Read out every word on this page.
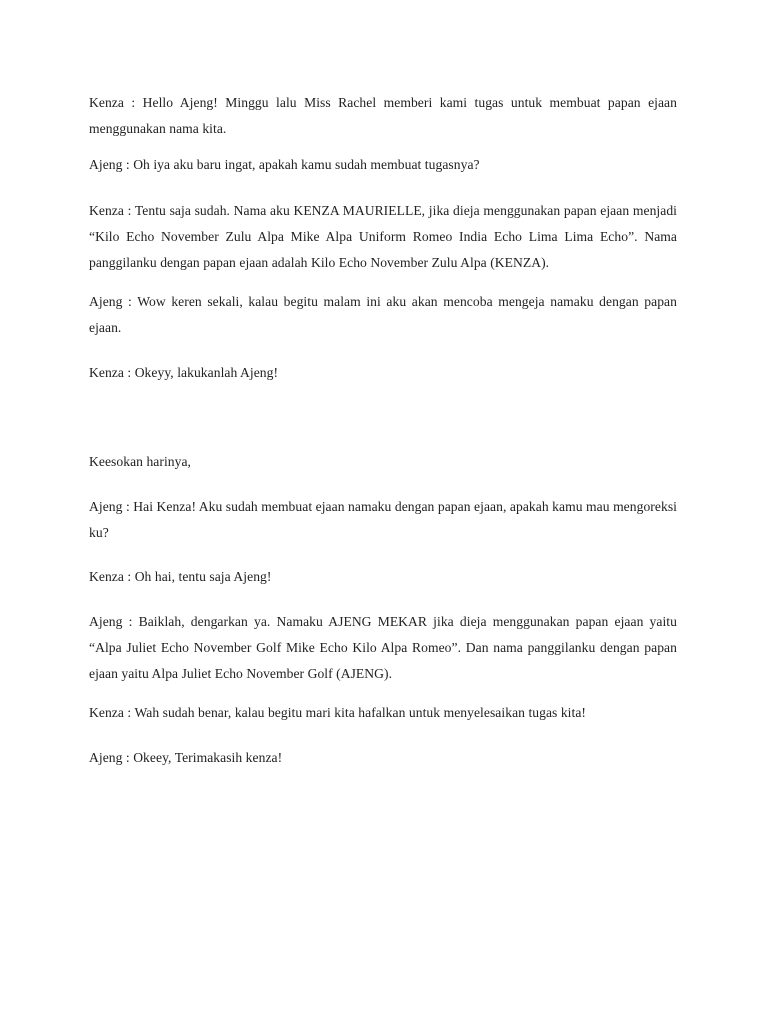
Kenza : Hello Ajeng! Minggu lalu Miss Rachel memberi kami tugas untuk membuat papan ejaan menggunakan nama kita.

Ajeng : Oh iya aku baru ingat, apakah kamu sudah membuat tugasnya?

Kenza : Tentu saja sudah. Nama aku KENZA MAURIELLE, jika dieja menggunakan papan ejaan menjadi “Kilo Echo November Zulu Alpa Mike Alpa Uniform Romeo India Echo Lima Lima Echo”. Nama panggilanku dengan papan ejaan adalah Kilo Echo November Zulu Alpa (KENZA).

Ajeng : Wow keren sekali, kalau begitu malam ini aku akan mencoba mengeja namaku dengan papan ejaan.

Kenza : Okeyy, lakukanlah Ajeng!

Keesokan harinya,

Ajeng : Hai Kenza! Aku sudah membuat ejaan namaku dengan papan ejaan, apakah kamu mau mengoreksi ku?

Kenza : Oh hai, tentu saja Ajeng!

Ajeng : Baiklah, dengarkan ya. Namaku AJENG MEKAR jika dieja menggunakan papan ejaan yaitu “Alpa Juliet Echo November Golf Mike Echo Kilo Alpa Romeo”. Dan nama panggilanku dengan papan ejaan yaitu Alpa Juliet Echo November Golf (AJENG).

Kenza : Wah sudah benar, kalau begitu mari kita hafalkan untuk menyelesaikan tugas kita!

Ajeng : Okeey, Terimakasih kenza!
